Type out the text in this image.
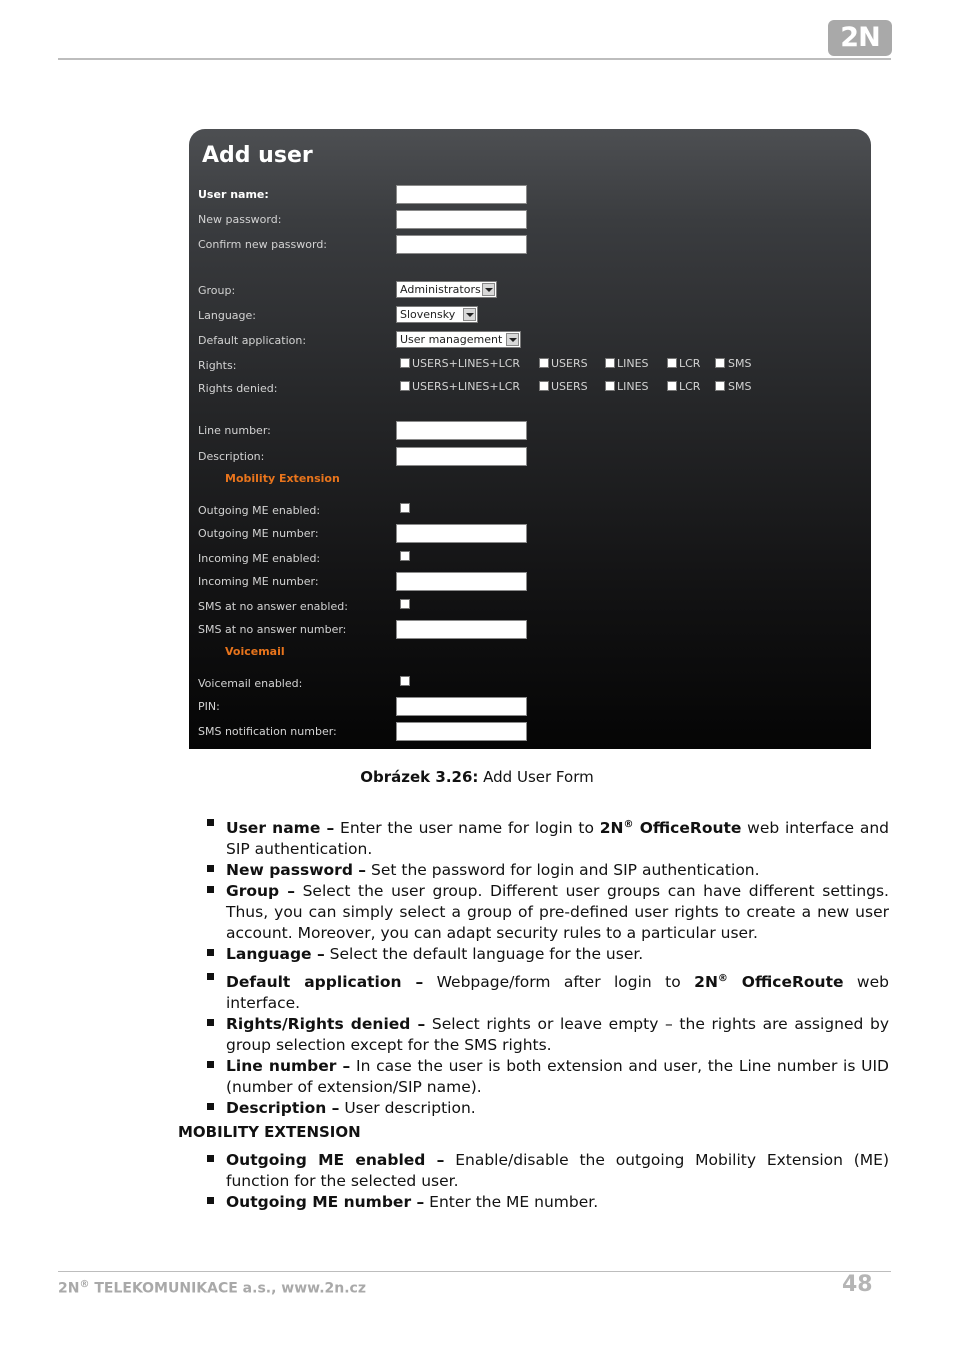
2N
Add user
User name:
New password:
Confirm new password:
Group:	Administrators
Language:	Slovensky
Default application:	User management
Rights:	USERS+LINES+LCR	USERS	LINES	LCR	SMS
Rights denied:	USERS+LINES+LCR	USERS	LINES	LCR	SMS
Line number:
Description:
Mobility Extension
Outgoing ME enabled:
Outgoing ME number:
Incoming ME enabled:
Incoming ME number:
SMS at no answer enabled:
SMS at no answer number:
Voicemail
Voicemail enabled:
PIN:
SMS notification number:
Obrázek 3.26: Add User Form
User name – Enter the user name for login to 2N® OfficeRoute web interface and SIP authentication.
New password – Set the password for login and SIP authentication.
Group – Select the user group. Different user groups can have different settings. Thus, you can simply select a group of pre-defined user rights to create a new user account. Moreover, you can adapt security rules to a particular user.
Language – Select the default language for the user.
Default application – Webpage/form after login to 2N® OfficeRoute web interface.
Rights/Rights denied – Select rights or leave empty – the rights are assigned by group selection except for the SMS rights.
Line number – In case the user is both extension and user, the Line number is UID (number of extension/SIP name).
Description – User description.
MOBILITY EXTENSION
Outgoing ME enabled – Enable/disable the outgoing Mobility Extension (ME) function for the selected user.
Outgoing ME number – Enter the ME number.
2N® TELEKOMUNIKACE a.s., www.2n.cz	48
